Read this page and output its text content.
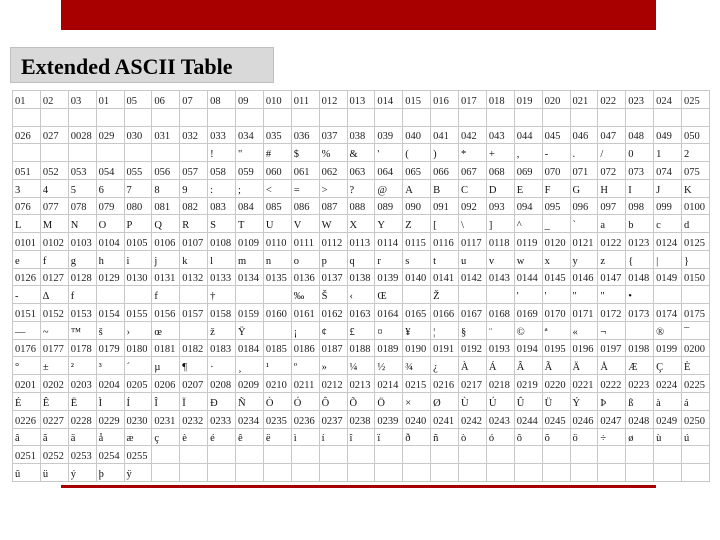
Extended ASCII Table
01	02	03	01	05	06	07	08	09	010	011	012	013	014	015	016	017	018	019	020	021	022	023	024	025

026	027	0028	029	030	031	032	033	034	035	036	037	038	039	040	041	042	043	044	045	046	047	048	049	050
							!	"	#	$	%	&	'	(	)	*	+	,	-	.	/	0	1	2
051	052	053	054	055	056	057	058	059	060	061	062	063	064	065	066	067	068	069	070	071	072	073	074	075
3	4	5	6	7	8	9	:	;	<	=	>	?	@	A	B	C	D	E	F	G	H	I	J	K
076	077	078	079	080	081	082	083	084	085	086	087	088	089	090	091	092	093	094	095	096	097	098	099	0100
L	M	N	O	P	Q	R	S	T	U	V	W	X	Y	Z	[	\	]	^	_	`	a	b	c	d
0101	0102	0103	0104	0105	0106	0107	0108	0109	0110	0111	0112	0113	0114	0115	0116	0117	0118	0119	0120	0121	0122	0123	0124	0125
e	f	g	h	i	j	k	l	m	n	o	p	q	r	s	t	u	v	w	x	y	z	{	|	}
0126	0127	0128	0129	0130	0131	0132	0133	0134	0135	0136	0137	0138	0139	0140	0141	0142	0143	0144	0145	0146	0147	0148	0149	0150
-	∆	f			f		†			‰	Š	‹	Œ		Ž			'	'	"	"	•		
0151	0152	0153	0154	0155	0156	0157	0158	0159	0160	0161	0162	0163	0164	0165	0166	0167	0168	0169	0170	0171	0172	0173	0174	0175
—	~	™	š	›	œ		ž	Ÿ		¡	¢	£	¤	¥	¦	§	¨	©	ª	«	¬		®	¯
0176	0177	0178	0179	0180	0181	0182	0183	0184	0185	0186	0187	0188	0189	0190	0191	0192	0193	0194	0195	0196	0197	0198	0199	0200
°	±	²	³	´	µ	¶	·	¸	¹	º	»	¼	½	¾	¿	À	Á	Â	Ã	Ä	Å	Æ	Ç	È
0201	0202	0203	0204	0205	0206	0207	0208	0209	0210	0211	0212	0213	0214	0215	0216	0217	0218	0219	0220	0221	0222	0223	0224	0225
É	Ê	Ë	Ì	Í	Î	Ï	Ð	Ñ	Ò	Ó	Ô	Õ	Ö	×	Ø	Ù	Ú	Û	Ü	Ý	Þ	ß	à	á
0226	0227	0228	0229	0230	0231	0232	0233	0234	0235	0236	0237	0238	0239	0240	0241	0242	0243	0244	0245	0246	0247	0248	0249	0250
â	ã	ä	å	æ	ç	è	é	ê	ë	ì	í	î	ï	ð	ñ	ò	ó	ô	õ	ö	÷	ø	ù	ú
0251	0252	0253	0254	0255																				
û	ü	ý	þ	ÿ																				
